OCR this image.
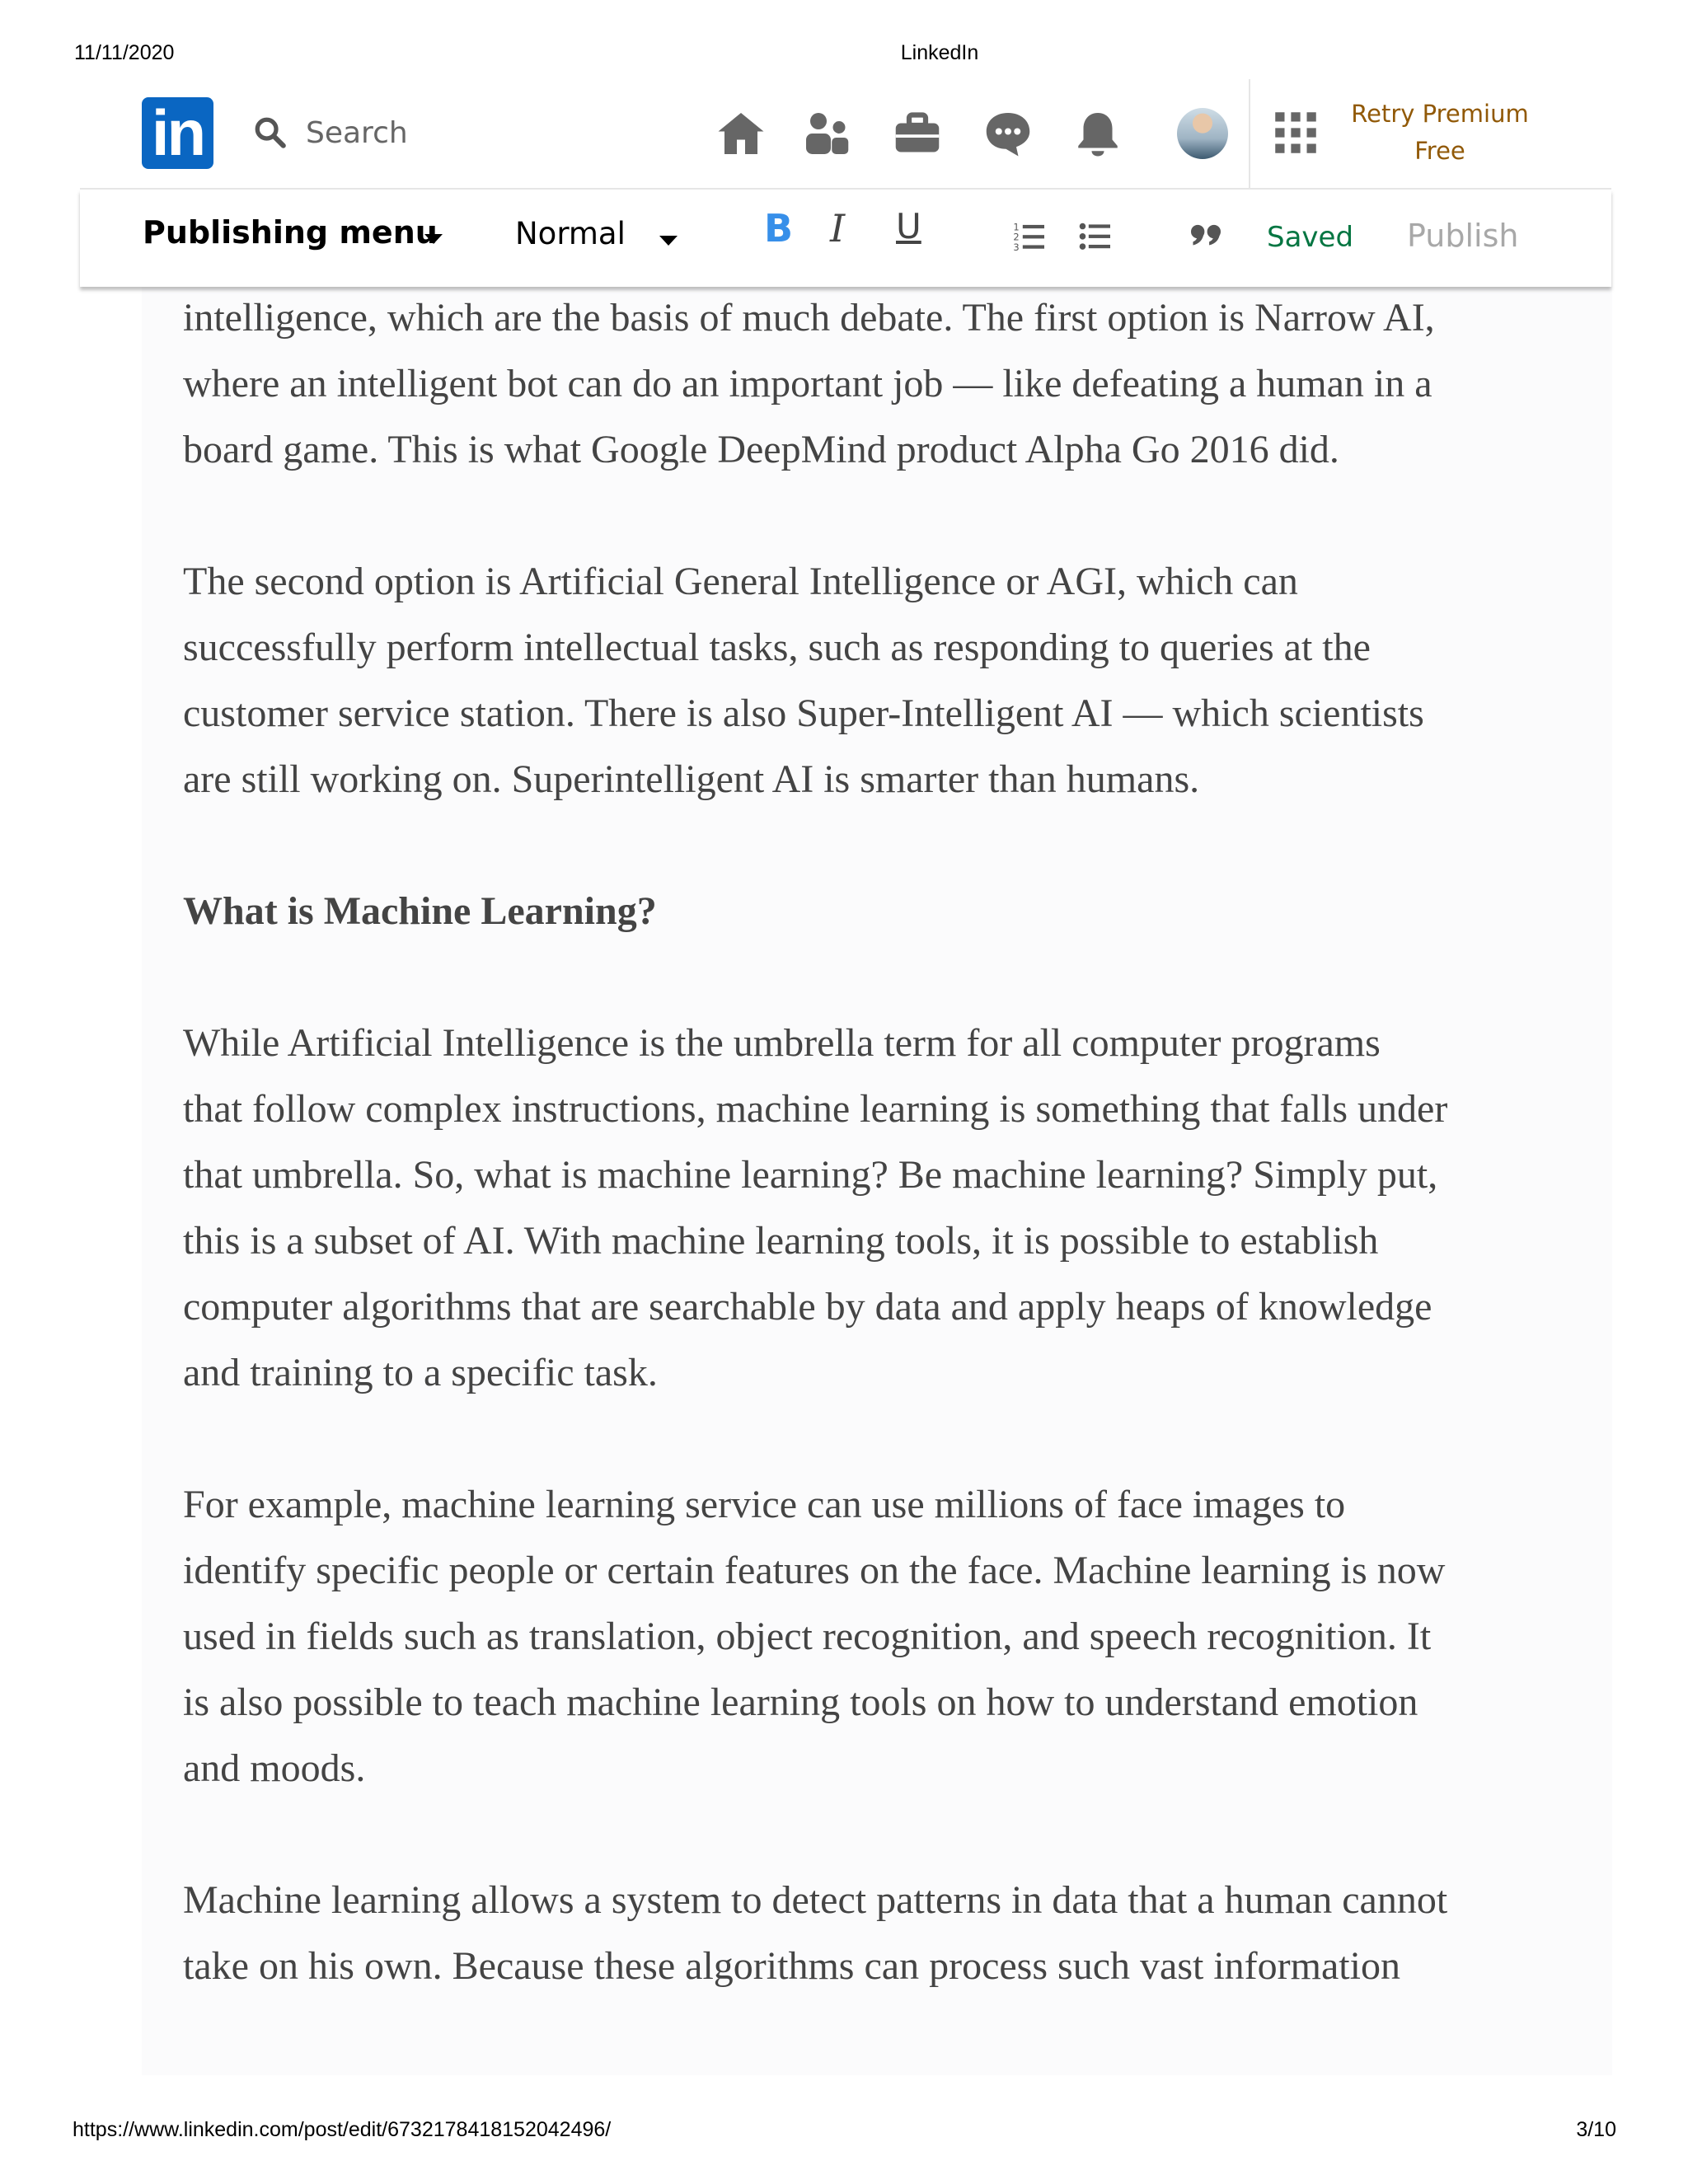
11/11/2020	LinkedIn
in	Search
Retry Premium
Free
Publishing menu	Normal	B I U	1
2
3	Saved Publish

intelligence, which are the basis of much debate. The first option is Narrow AI,
where an intelligent bot can do an important job — like defeating a human in a
board game. This is what Google DeepMind product Alpha Go 2016 did.

The second option is Artificial General Intelligence or AGI, which can
successfully perform intellectual tasks, such as responding to queries at the
customer service station. There is also Super-Intelligent AI — which scientists
are still working on. Superintelligent AI is smarter than humans.

What is Machine Learning?

While Artificial Intelligence is the umbrella term for all computer programs
that follow complex instructions, machine learning is something that falls under
that umbrella. So, what is machine learning? Be machine learning? Simply put,
this is a subset of AI. With machine learning tools, it is possible to establish
computer algorithms that are searchable by data and apply heaps of knowledge
and training to a specific task.

For example, machine learning service can use millions of face images to
identify specific people or certain features on the face. Machine learning is now
used in fields such as translation, object recognition, and speech recognition. It
is also possible to teach machine learning tools on how to understand emotion
and moods.

Machine learning allows a system to detect patterns in data that a human cannot
take on his own. Because these algorithms can process such vast information

https://www.linkedin.com/post/edit/6732178418152042496/	3/10
